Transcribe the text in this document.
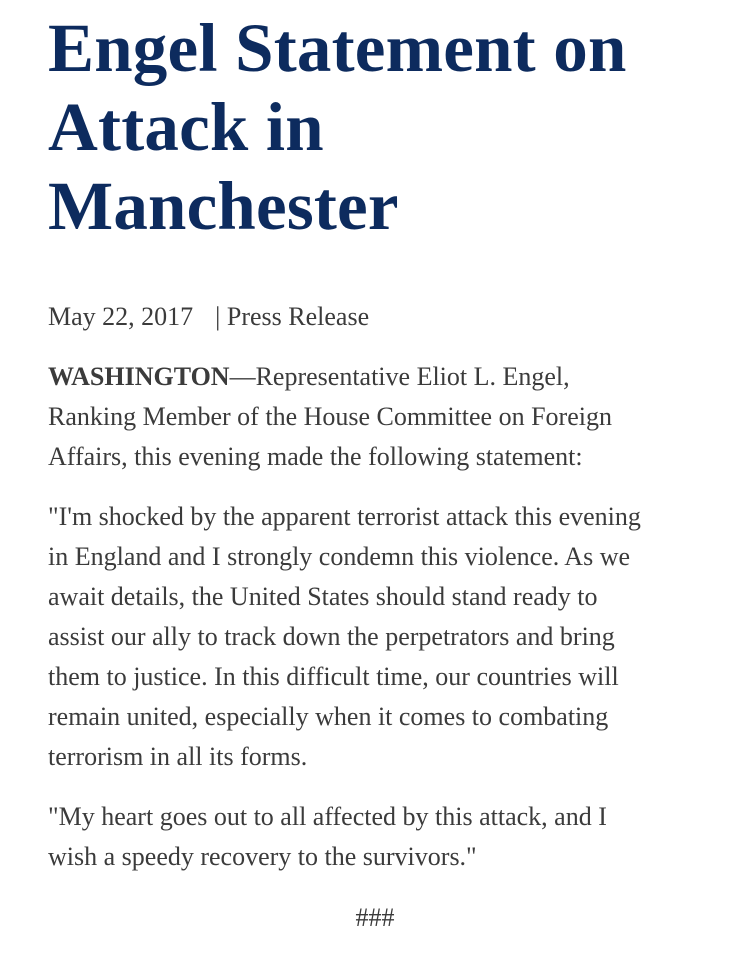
Engel Statement on
Attack in
Manchester
May 22, 2017 | Press Release

WASHINGTON—Representative Eliot L. Engel,
Ranking Member of the House Committee on Foreign
Affairs, this evening made the following statement:

"I'm shocked by the apparent terrorist attack this evening
in England and I strongly condemn this violence. As we
await details, the United States should stand ready to
assist our ally to track down the perpetrators and bring
them to justice. In this difficult time, our countries will
remain united, especially when it comes to combating
terrorism in all its forms.

"My heart goes out to all affected by this attack, and I
wish a speedy recovery to the survivors."

###
